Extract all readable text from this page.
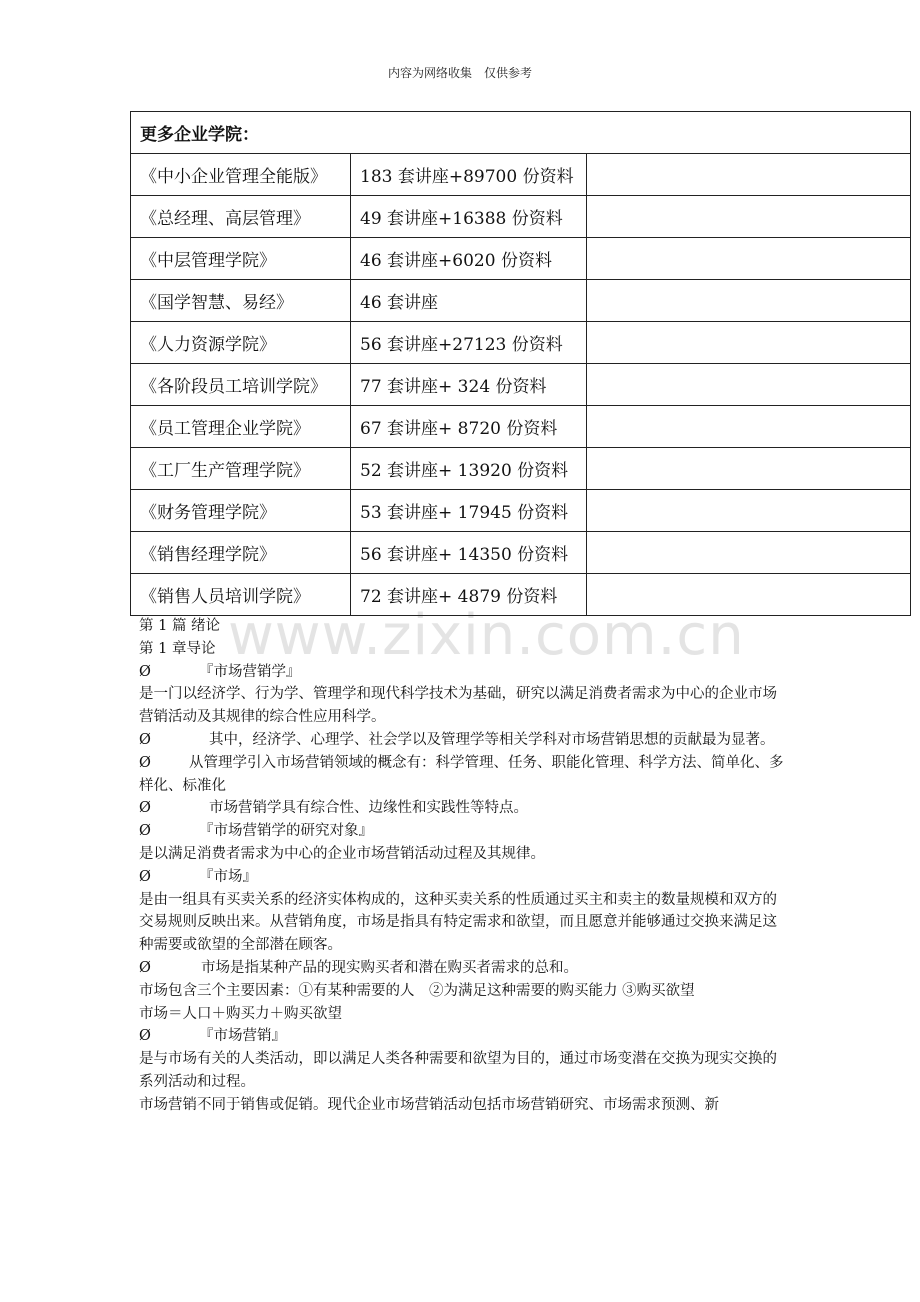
内容为网络收集　仅供参考
www.zixin.com.cn
更多企业学院：		
《中小企业管理全能版》	183 套讲座+89700 份资料	
《总经理、高层管理》	49 套讲座+16388 份资料	
《中层管理学院》	46 套讲座+6020 份资料	
《国学智慧、易经》	46 套讲座	
《人力资源学院》	56 套讲座+27123 份资料	
《各阶段员工培训学院》	77 套讲座+ 324 份资料	
《员工管理企业学院》	67 套讲座+ 8720 份资料	
《工厂生产管理学院》	52 套讲座+ 13920 份资料	
《财务管理学院》	53 套讲座+ 17945 份资料	
《销售经理学院》	56 套讲座+ 14350 份资料	
《销售人员培训学院》	72 套讲座+ 4879 份资料	

第 1 篇 绪论

第 1 章导论

Ø	『市场营销学』

是一门以经济学、行为学、管理学和现代科学技术为基础，研究以满足消费者需求为中心的企业市场营销活动及其规律的综合性应用科学。

Ø	其中，经济学、心理学、社会学以及管理学等相关学科对市场营销思想的贡献最为显著。

Ø	从管理学引入市场营销领域的概念有：科学管理、任务、职能化管理、科学方法、简单化、多样化、标准化

Ø	市场营销学具有综合性、边缘性和实践性等特点。

Ø	『市场营销学的研究对象』

是以满足消费者需求为中心的企业市场营销活动过程及其规律。

Ø	『市场』

是由一组具有买卖关系的经济实体构成的，这种买卖关系的性质通过买主和卖主的数量规模和双方的交易规则反映出来。从营销角度，市场是指具有特定需求和欲望，而且愿意并能够通过交换来满足这种需要或欲望的全部潜在顾客。

Ø	市场是指某种产品的现实购买者和潜在购买者需求的总和。

市场包含三个主要因素：①有某种需要的人　②为满足这种需要的购买能力 ③购买欲望

市场＝人口＋购买力＋购买欲望

Ø	『市场营销』

是与市场有关的人类活动，即以满足人类各种需要和欲望为目的，通过市场变潜在交换为现实交换的系列活动和过程。

市场营销不同于销售或促销。现代企业市场营销活动包括市场营销研究、市场需求预测、新
